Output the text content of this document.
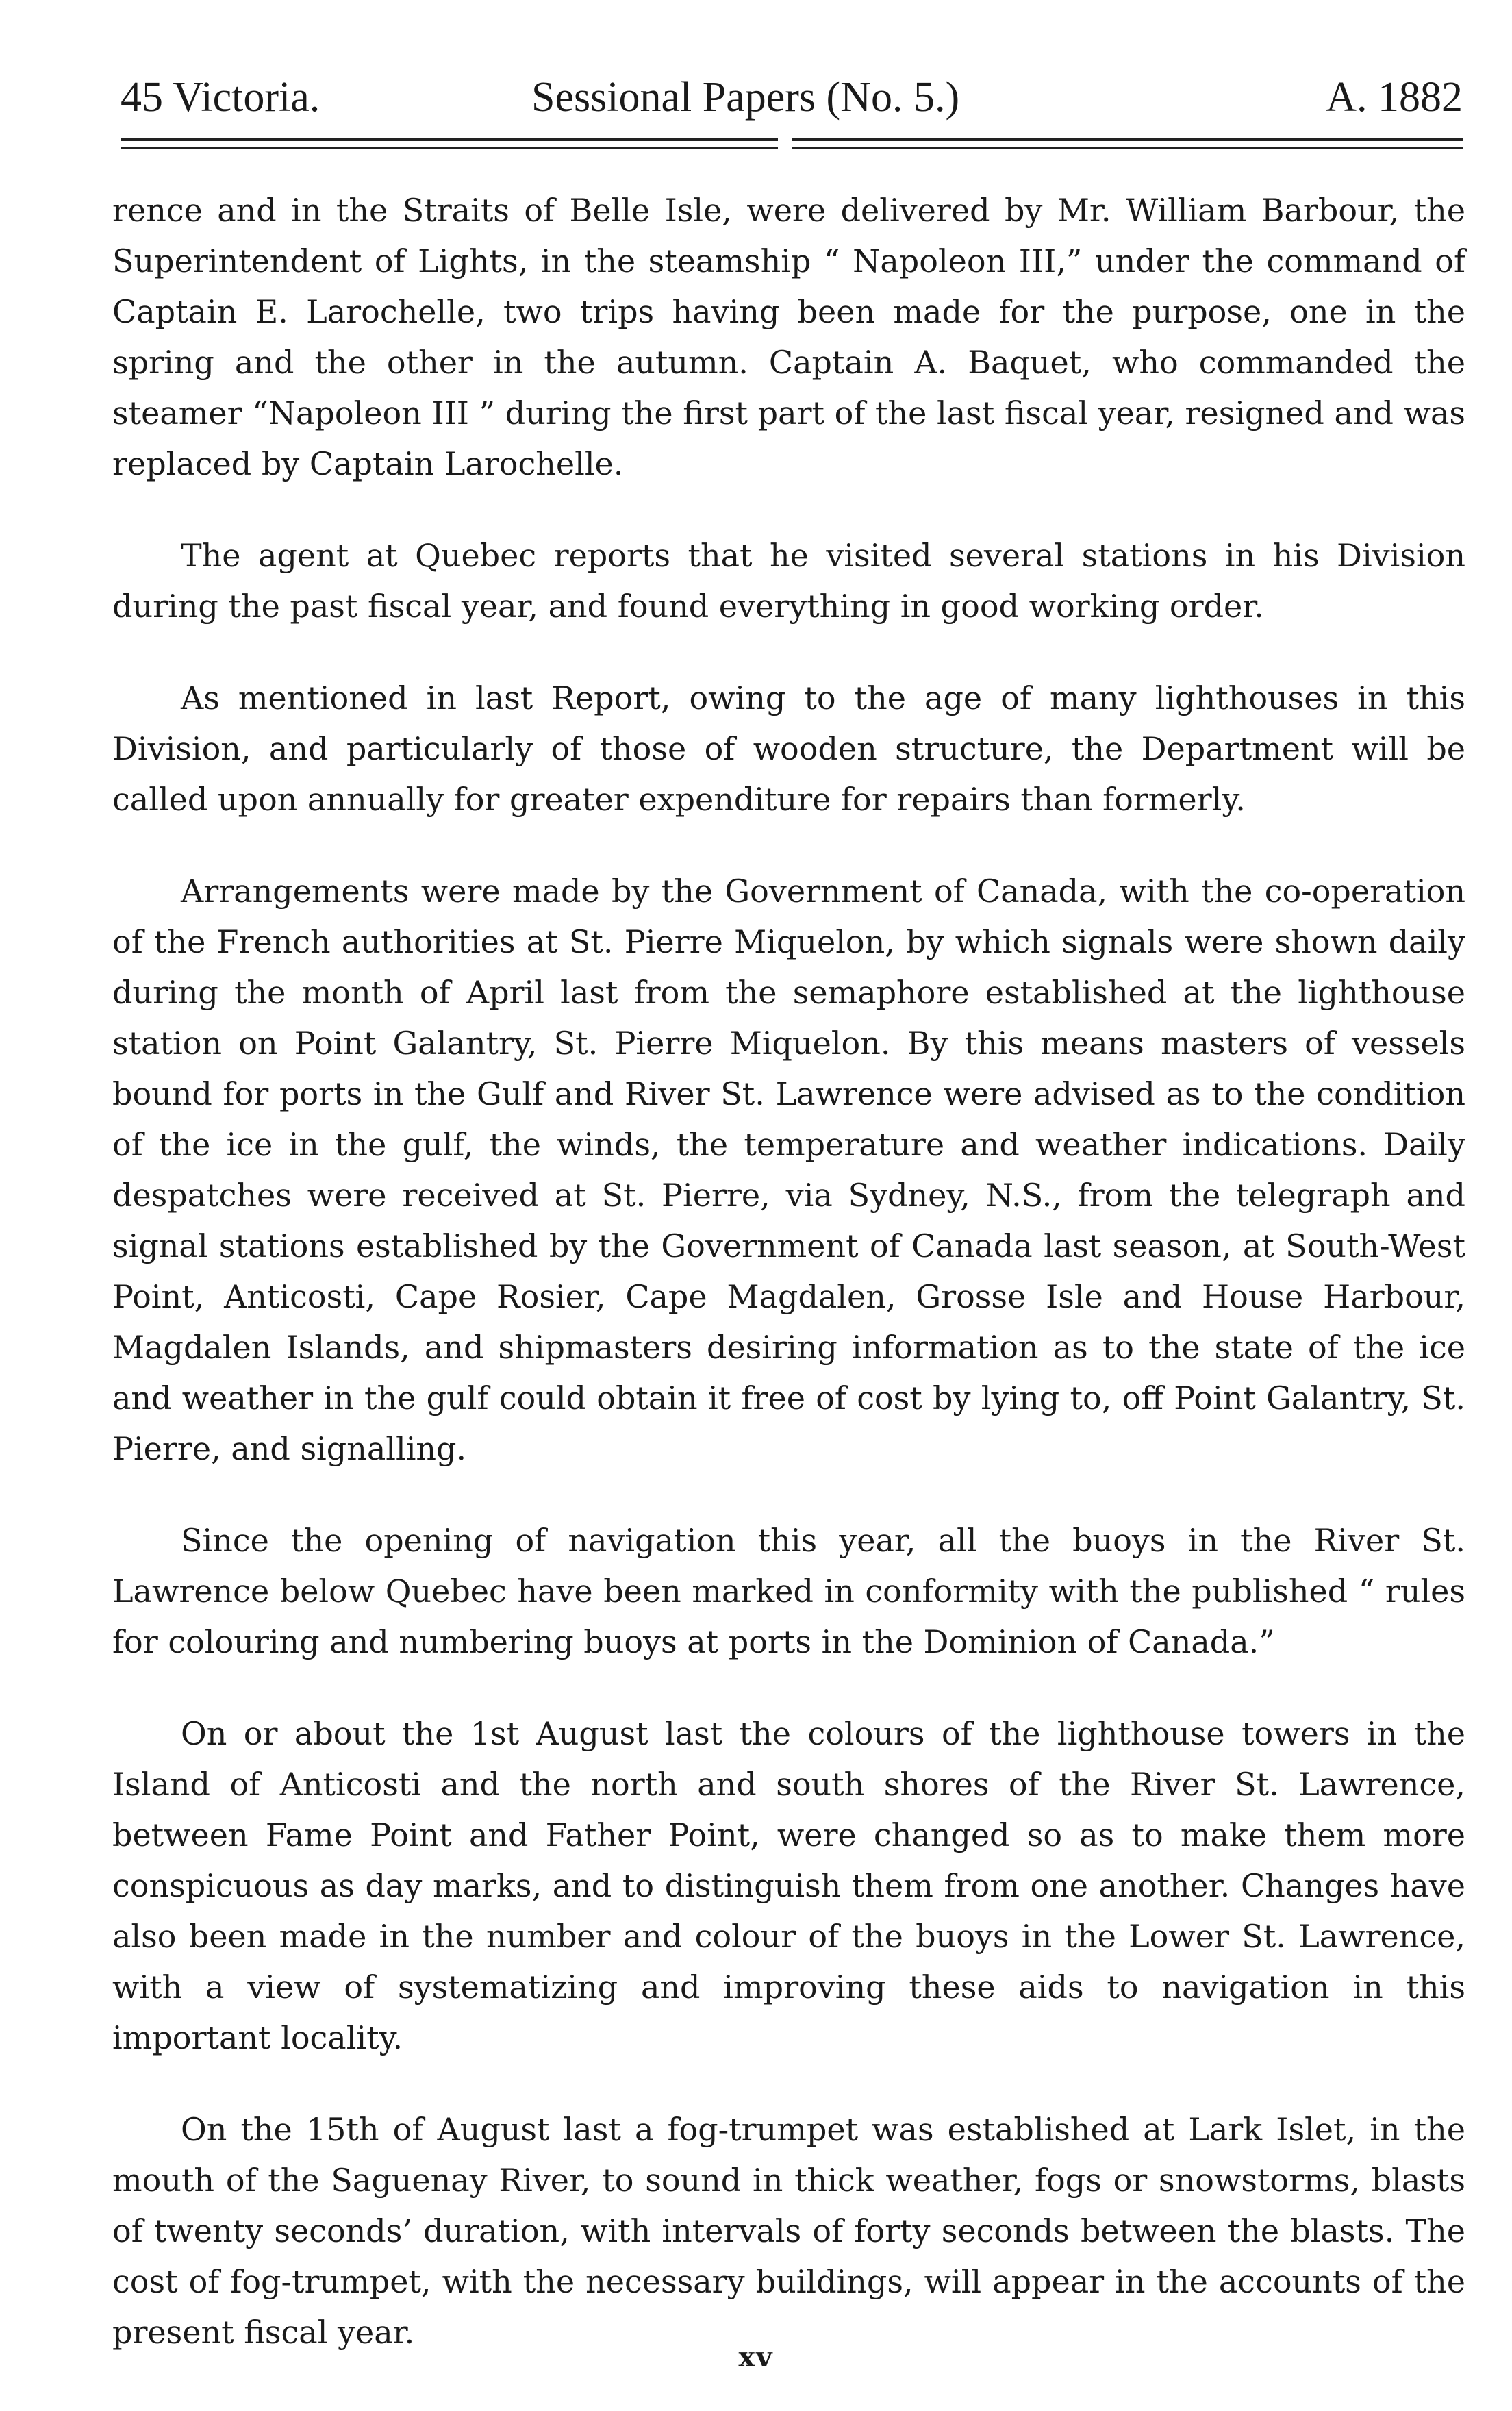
45 Victoria.	Sessional Papers (No. 5.)	A. 1882

rence and in the Straits of Belle Isle, were delivered by Mr. William Barbour, the Superintendent of Lights, in the steamship “ Napoleon III,” under the command of Captain E. Larochelle, two trips having been made for the purpose, one in the spring and the other in the autumn. Captain A. Baquet, who commanded the steamer “Napoleon III ” during the first part of the last fiscal year, resigned and was replaced by Captain Larochelle.

The agent at Quebec reports that he visited several stations in his Division during the past fiscal year, and found everything in good working order.

As mentioned in last Report, owing to the age of many lighthouses in this Division, and particularly of those of wooden structure, the Department will be called upon annually for greater expenditure for repairs than formerly.

Arrangements were made by the Government of Canada, with the co-operation of the French authorities at St. Pierre Miquelon, by which signals were shown daily during the month of April last from the semaphore established at the lighthouse station on Point Galantry, St. Pierre Miquelon. By this means masters of vessels bound for ports in the Gulf and River St. Lawrence were advised as to the condition of the ice in the gulf, the winds, the temperature and weather indications. Daily despatches were received at St. Pierre, via Sydney, N.S., from the telegraph and signal stations established by the Government of Canada last season, at South-West Point, Anticosti, Cape Rosier, Cape Magdalen, Grosse Isle and House Harbour, Magdalen Islands, and shipmasters desiring information as to the state of the ice and weather in the gulf could obtain it free of cost by lying to, off Point Galantry, St. Pierre, and signalling.

Since the opening of navigation this year, all the buoys in the River St. Lawrence below Quebec have been marked in conformity with the published “ rules for colouring and numbering buoys at ports in the Dominion of Canada.”

On or about the 1st August last the colours of the lighthouse towers in the Island of Anticosti and the north and south shores of the River St. Lawrence, between Fame Point and Father Point, were changed so as to make them more conspicuous as day marks, and to distinguish them from one another. Changes have also been made in the number and colour of the buoys in the Lower St. Lawrence, with a view of systematizing and improving these aids to navigation in this important locality.

On the 15th of August last a fog-trumpet was established at Lark Islet, in the mouth of the Saguenay River, to sound in thick weather, fogs or snowstorms, blasts of twenty seconds’ duration, with intervals of forty seconds between the blasts. The cost of fog-trumpet, with the necessary buildings, will appear in the accounts of the present fiscal year.

xv
